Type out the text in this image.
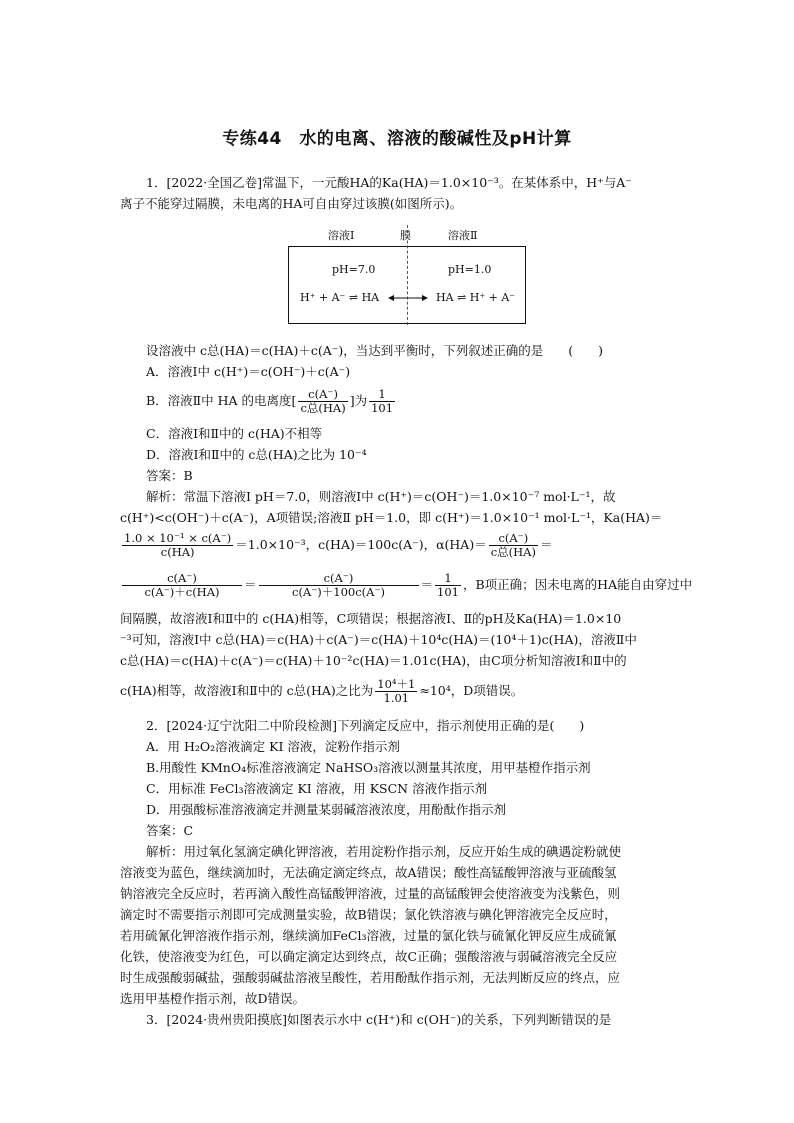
专练44　水的电离、溶液的酸碱性及pH计算
1．[2022·全国乙卷]常温下，一元酸HA的Ka(HA)＝1.0×10⁻³。在某体系中，H⁺与A⁻
离子不能穿过隔膜，未电离的HA可自由穿过该膜(如图所示)。
溶液Ⅰ	膜	溶液Ⅱ
pH=7.0	pH=1.0
H⁺ + A⁻ ⇌ HA	HA ⇌ H⁺ + A⁻
设溶液中 c总(HA)＝c(HA)＋c(A⁻)，当达到平衡时，下列叙述正确的是　　(　　)
A．溶液Ⅰ中 c(H⁺)＝c(OH⁻)＋c(A⁻)
B．溶液Ⅱ中 HA 的电离度[ $\frac{c(A^-)}{\text{c总(HA)}}$ ]为 $\frac{1}{101}$
C．溶液Ⅰ和Ⅱ中的 c(HA)不相等
D．溶液Ⅰ和Ⅱ中的 c总(HA)之比为 10⁻⁴
答案：B
解析：常温下溶液Ⅰ pH＝7.0，则溶液Ⅰ中 c(H⁺)＝c(OH⁻)＝1.0×10⁻⁷ mol·L⁻¹，故
c(H⁺)<c(OH⁻)＋c(A⁻)，A项错误;溶液Ⅱ pH＝1.0，即 c(H⁺)＝1.0×10⁻¹ mol·L⁻¹，Ka(HA)＝
$\frac{\text{1.0 × 10⁻¹ × c(A⁻)}}{c(HA)} =1.0\times 10^{-3}$，c(HA)＝100c(A⁻)，$\alpha(HA)= \frac{c(A^-)}{\text{c总(HA)}}$ ＝
$\frac{c(A^-)}{c(A^-)+c(HA)} = \frac{c(A^-)}{c(A^-)+100c(A^-)} = \frac{1}{101}$ ，B项正确；因未电离的HA能自由穿过中
间隔膜，故溶液Ⅰ和Ⅱ中的 c(HA)相等，C项错误；根据溶液Ⅰ、Ⅱ的pH及Ka(HA)＝1.0×10
⁻³可知，溶液Ⅰ中 c总(HA)＝c(HA)＋c(A⁻)＝c(HA)＋10⁴c(HA)＝(10⁴＋1)c(HA)，溶液Ⅱ中
c总(HA)＝c(HA)＋c(A⁻)＝c(HA)＋10⁻²c(HA)＝1.01c(HA)，由C项分析知溶液Ⅰ和Ⅱ中的
c(HA)相等，故溶液Ⅰ和Ⅱ中的 c总(HA)之比为 $\frac{\text{10⁴＋1}}{1.01} \approx 10^4$，D项错误。
2．[2024·辽宁沈阳二中阶段检测]下列滴定反应中，指示剂使用正确的是(　　)
A．用 H₂O₂溶液滴定 KI 溶液，淀粉作指示剂
B.用酸性 KMnO₄标准溶液滴定 NaHSO₃溶液以测量其浓度，用甲基橙作指示剂
C．用标准 FeCl₃溶液滴定 KI 溶液，用 KSCN 溶液作指示剂
D．用强酸标准溶液滴定并测量某弱碱溶液浓度，用酚酞作指示剂
答案：C
解析：用过氧化氢滴定碘化钾溶液，若用淀粉作指示剂，反应开始生成的碘遇淀粉就使
溶液变为蓝色，继续滴加时，无法确定滴定终点，故A错误；酸性高锰酸钾溶液与亚硫酸氢
钠溶液完全反应时，若再滴入酸性高锰酸钾溶液，过量的高锰酸钾会使溶液变为浅紫色，则
滴定时不需要指示剂即可完成测量实验，故B错误；氯化铁溶液与碘化钾溶液完全反应时，
若用硫氰化钾溶液作指示剂，继续滴加FeCl₃溶液，过量的氯化铁与硫氰化钾反应生成硫氰
化铁，使溶液变为红色，可以确定滴定达到终点，故C正确；强酸溶液与弱碱溶液完全反应
时生成强酸弱碱盐，强酸弱碱盐溶液呈酸性，若用酚酞作指示剂，无法判断反应的终点，应
选用甲基橙作指示剂，故D错误。
3．[2024·贵州贵阳摸底]如图表示水中 c(H⁺)和 c(OH⁻)的关系，下列判断错误的是
